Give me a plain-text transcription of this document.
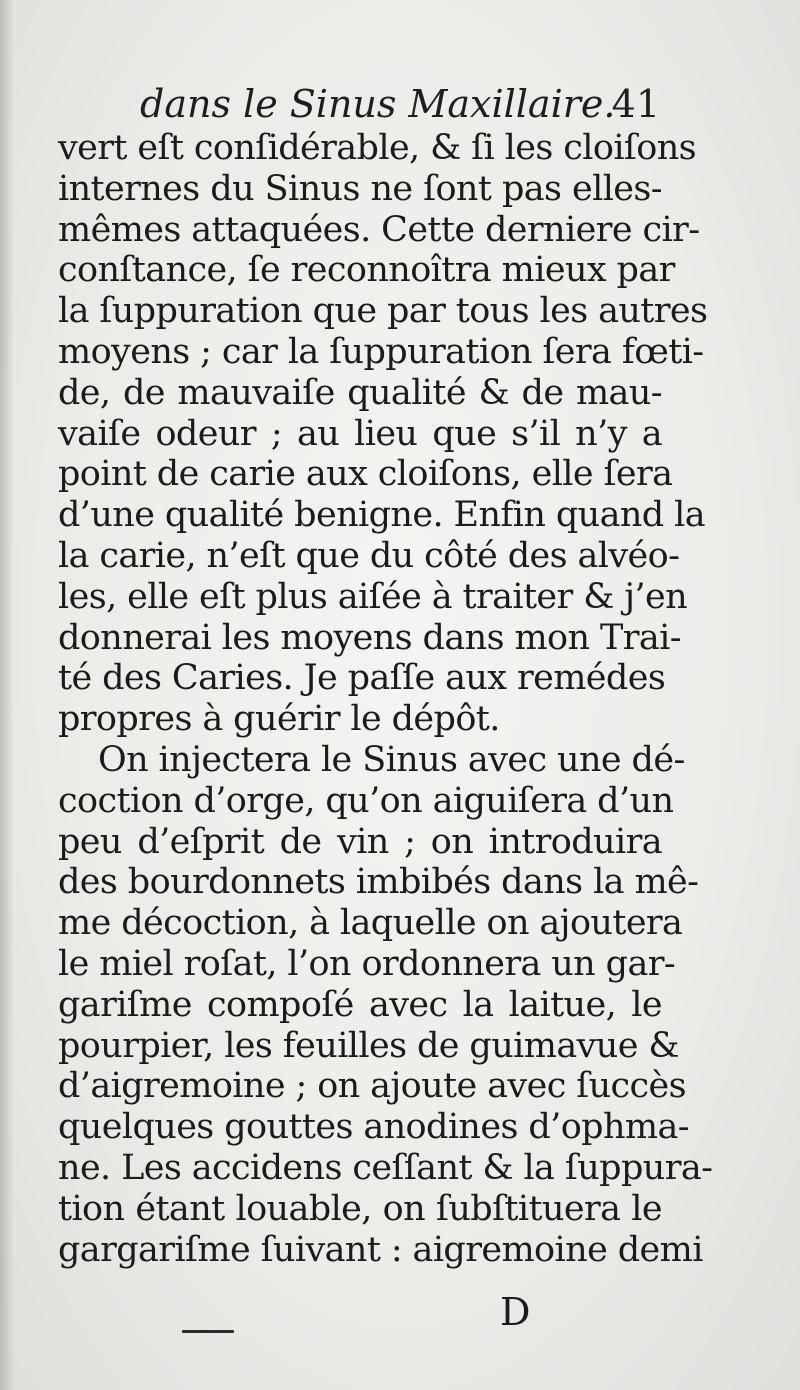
dans le Sinus Maxillaire.
41
vert eſt conſidérable, & ſi les cloiſons
internes du Sinus ne ſont pas elles-
mêmes attaquées. Cette derniere cir-
conſtance, ſe reconnoîtra mieux par
la ſuppuration que par tous les autres
moyens ; car la ſuppuration ſera fœti-
de, de mauvaiſe qualité & de mau-
vaiſe odeur ; au lieu que s’il n’y a
point de carie aux cloiſons, elle ſera
d’une qualité benigne. Enfin quand la
la carie, n’eſt que du côté des alvéo-
les, elle eſt plus aiſée à traiter & j’en
donnerai les moyens dans mon Trai-
té des Caries. Je paſſe aux remédes
propres à guérir le dépôt.
On injectera le Sinus avec une dé-
coction d’orge, qu’on aiguiſera d’un
peu d’eſprit de vin ; on introduira
des bourdonnets imbibés dans la mê-
me décoction, à laquelle on ajoutera
le miel roſat, l’on ordonnera un gar-
gariſme compoſé avec la laitue, le
pourpier, les feuilles de guimavue &
d’aigremoine ; on ajoute avec ſuccès
quelques gouttes anodines d’ophma-
ne. Les accidens ceſſant & la ſuppura-
tion étant louable, on ſubſtituera le
gargariſme ſuivant : aigremoine demi
D
